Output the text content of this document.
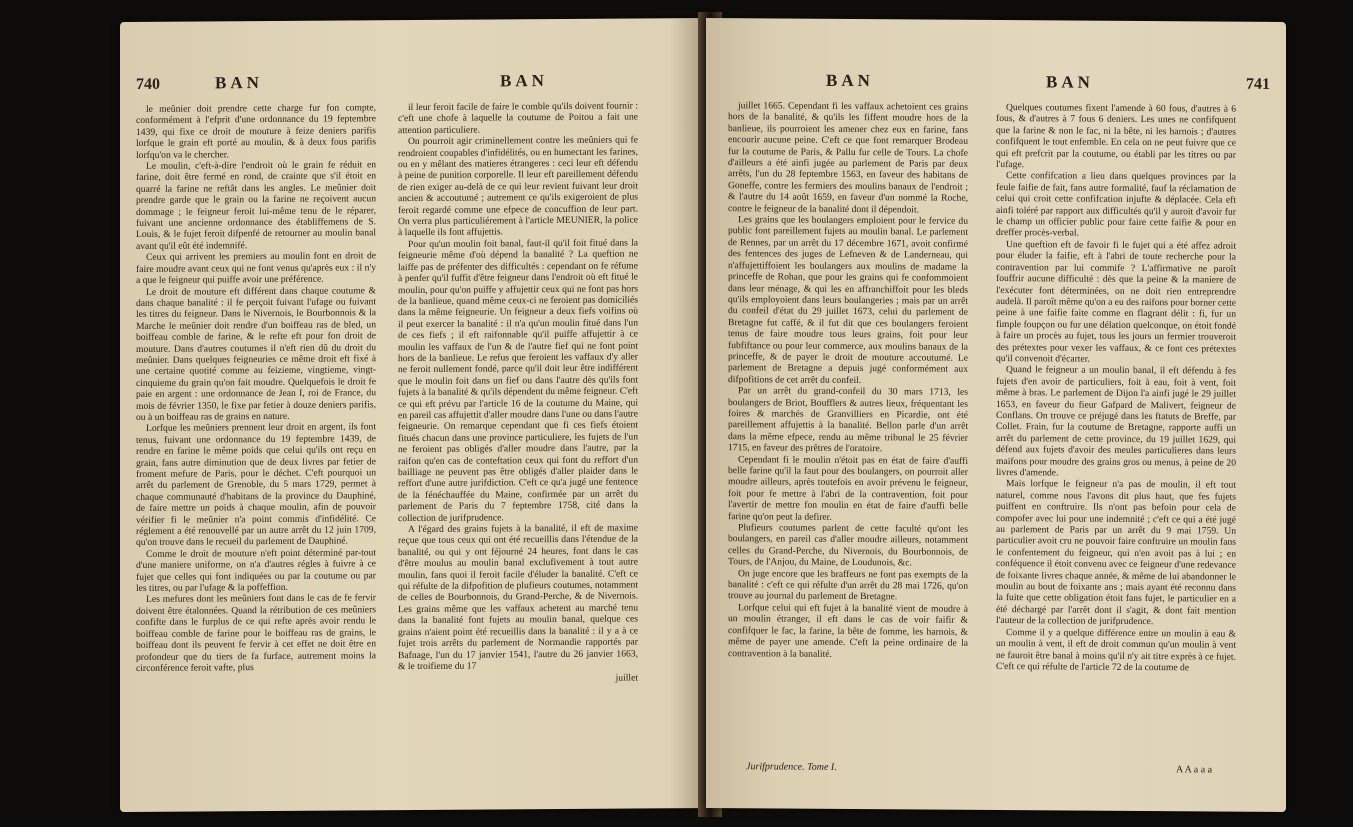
740	BAN	BAN

le meûnier doit prendre cette charge fur fon compte, conformément à l'efprit d'une ordonnance du 19 feptembre 1439, qui fixe ce droit de mouture à feize deniers parifis lorfque le grain eft porté au moulin, & à deux fous parifis lorfqu'on va le chercher.

Le moulin, c'eft-à-dire l'endroit où le grain fe réduit en farine, doit être fermé en rond, de crainte que s'il étoit en quarré la farine ne reftât dans les angles. Le meûnier doit prendre garde que le grain ou la farine ne reçoivent aucun dommage ; le feigneur feroit lui-même tenu de le réparer, fuivant une ancienne ordonnance des établiffemens de S. Louis, & le fujet feroit difpenfé de retourner au moulin banal avant qu'il eût été indemnifé.

Ceux qui arrivent les premiers au moulin font en droit de faire moudre avant ceux qui ne font venus qu'après eux : il n'y a que le feigneur qui puiffe avoir une préférence.

Le droit de mouture eft différent dans chaque coutume & dans chaque banalité : il fe perçoit fuivant l'ufage ou fuivant les titres du feigneur. Dans le Nivernois, le Bourbonnois & la Marche le meûnier doit rendre d'un boiffeau ras de bled, un boiffeau comble de farine, & le refte eft pour fon droit de mouture. Dans d'autres coutumes il n'eft rien dû du droit du meûnier. Dans quelques feigneuries ce même droit eft fixé à une certaine quotité comme au feizieme, vingtieme, vingt-cinquieme du grain qu'on fait moudre. Quelquefois le droit fe paie en argent : une ordonnance de Jean I, roi de France, du mois de février 1350, le fixe par fetier à douze deniers parifis, ou à un boiffeau ras de grains en nature.

Lorfque les meûniers prennent leur droit en argent, ils font tenus, fuivant une ordonnance du 19 feptembre 1439, de rendre en farine le même poids que celui qu'ils ont reçu en grain, fans autre diminution que de deux livres par fetier de froment mefure de Paris, pour le déchet. C'eft pourquoi un arrêt du parlement de Grenoble, du 5 mars 1729, permet à chaque communauté d'habitans de la province du Dauphiné, de faire mettre un poids à chaque moulin, afin de pouvoir vérifier fi le meûnier n'a point commis d'infidélité. Ce réglement a été renouvellé par un autre arrêt du 12 juin 1709, qu'on trouve dans le recueil du parlement de Dauphiné.

Comme le droit de mouture n'eft point déterminé par-tout d'une maniere uniforme, on n'a d'autres régles à fuivre à ce fujet que celles qui font indiquées ou par la coutume ou par les titres, ou par l'ufage & la poffeffion.

Les mefures dont les meûniers font dans le cas de fe fervir doivent être étalonnées. Quand la rétribution de ces meûniers confifte dans le furplus de ce qui refte après avoir rendu le boiffeau comble de farine pour le boiffeau ras de grains, le boiffeau dont ils peuvent fe fervir à cet effet ne doit être en profondeur que du tiers de fa furface, autrement moins la circonférence feroit vafte, plus

il leur feroit facile de faire le comble qu'ils doivent fournir : c'eft une chofe à laquelle la coutume de Poitou a fait une attention particuliere.

On pourroit agir criminellement contre les meûniers qui fe rendroient coupables d'infidélités, ou en humectant les farines, ou en y mêlant des matieres étrangeres : ceci leur eft défendu à peine de punition corporelle. Il leur eft pareillement défendu de rien exiger au-delà de ce qui leur revient fuivant leur droit ancien & accoutumé ; autrement ce qu'ils exigeroient de plus feroit regardé comme une efpece de concuffion de leur part. On verra plus particuliérement à l'article MEUNIER, la police à laquelle ils font affujettis.

Pour qu'un moulin foit banal, faut-il qu'il foit fitué dans la feigneurie même d'où dépend la banalité ? La queftion ne laiffe pas de préfenter des difficultés : cependant on fe réfume à penfer qu'il fuffit d'être feigneur dans l'endroit où eft fitué le moulin, pour qu'on puiffe y affujettir ceux qui ne font pas hors de la banlieue, quand même ceux-ci ne feroient pas domiciliés dans la même feigneurie. Un feigneur a deux fiefs voifins où il peut exercer la banalité : il n'a qu'un moulin fitué dans l'un de ces fiefs ; il eft raifonnable qu'il puiffe affujettir à ce moulin les vaffaux de l'un & de l'autre fief qui ne font point hors de la banlieue. Le refus que feroient les vaffaux d'y aller ne feroit nullement fondé, parce qu'il doit leur être indifférent que le moulin foit dans un fief ou dans l'autre dès qu'ils font fujets à la banalité & qu'ils dépendent du même feigneur. C'eft ce qui eft prévu par l'article 16 de la coutume du Maine, qui en pareil cas affujettit d'aller moudre dans l'une ou dans l'autre feigneurie. On remarque cependant que fi ces fiefs étoient fitués chacun dans une province particuliere, les fujets de l'un ne feroient pas obligés d'aller moudre dans l'autre, par la raifon qu'en cas de conteftation ceux qui font du reffort d'un bailliage ne peuvent pas être obligés d'aller plaider dans le reffort d'une autre jurifdiction. C'eft ce qu'a jugé une fentence de la fénéchauffée du Maine, confirmée par un arrêt du parlement de Paris du 7 feptembre 1758, cité dans la collection de jurifprudence.

A l'égard des grains fujets à la banalité, il eft de maxime reçue que tous ceux qui ont été recueillis dans l'étendue de la banalité, ou qui y ont féjourné 24 heures, font dans le cas d'être moulus au moulin banal exclufivement à tout autre moulin, fans quoi il feroit facile d'éluder la banalité. C'eft ce qui réfulte de la difpofition de plufieurs coutumes, notamment de celles de Bourbonnois, du Grand-Perche, & de Nivernois. Les grains même que les vaffaux achetent au marché tenu dans la banalité font fujets au moulin banal, quelque ces grains n'aient point été recueillis dans la banalité : il y a à ce fujet trois arrêts du parlement de Normandie rapportés par Bafnage, l'un du 17 janvier 1541, l'autre du 26 janvier 1663, & le troifieme du 17

juillet

BAN	BAN	741

juillet 1665. Cependant fi les vaffaux achetoient ces grains hors de la banalité, & qu'ils les fiffent moudre hors de la banlieue, ils pourroient les amener chez eux en farine, fans encourir aucune peine. C'eft ce que font remarquer Brodeau fur la coutume de Paris, & Pallu fur celle de Tours. La chofe d'ailleurs a été ainfi jugée au parlement de Paris par deux arrêts, l'un du 28 feptembre 1563, en faveur des habitans de Goneffe, contre les fermiers des moulins banaux de l'endroit ; & l'autre du 14 août 1659, en faveur d'un nommé la Roche, contre le feigneur de la banalité dont il dépendoit.

Les grains que les boulangers emploient pour le fervice du public font pareillement fujets au moulin banal. Le parlement de Rennes, par un arrêt du 17 décembre 1671, avoit confirmé des fentences des juges de Lefneven & de Landerneau, qui n'affujettiffoient les boulangers aux moulins de madame la princeffe de Rohan, que pour les grains qui fe confommoient dans leur ménage, & qui les en affranchiffoit pour les bleds qu'ils employoient dans leurs boulangeries ; mais par un arrêt du confeil d'état du 29 juillet 1673, celui du parlement de Bretagne fut caffé, & il fut dit que ces boulangers feroient tenus de faire moudre tous leurs grains, foit pour leur fubfiftance ou pour leur commerce, aux moulins banaux de la princeffe, & de payer le droit de mouture accoutumé. Le parlement de Bretagne a depuis jugé conformément aux difpofitions de cet arrêt du confeil.

Par un arrêt du grand-confeil du 30 mars 1713, les boulangers de Briot, Boufflers & autres lieux, fréquentant les foires & marchés de Granvilliers en Picardie, ont été pareillement affujettis à la banalité. Bellon parle d'un arrêt dans la même efpece, rendu au même tribunal le 25 février 1715, en faveur des prêtres de l'oratoire.

Cependant fi le moulin n'étoit pas en état de faire d'auffi belle farine qu'il la faut pour des boulangers, on pourroit aller moudre ailleurs, après toutefois en avoir prévenu le feigneur, foit pour fe mettre à l'abri de la contravention, foit pour l'avertir de mettre fon moulin en état de faire d'auffi belle farine qu'on peut la defirer.

Plufieurs coutumes parlent de cette faculté qu'ont les boulangers, en pareil cas d'aller moudre ailleurs, notamment celles du Grand-Perche, du Nivernois, du Bourbonnois, de Tours, de l'Anjou, du Maine, de Loudunois, &c.

On juge encore que les braffeurs ne font pas exempts de la banalité : c'eft ce qui réfulte d'un arrêt du 28 mai 1726, qu'on trouve au journal du parlement de Bretagne.

Lorfque celui qui eft fujet à la banalité vient de moudre à un moulin étranger, il eft dans le cas de voir faifir & confifquer le fac, la farine, la bête de fomme, les harnois, & même de payer une amende. C'eft la peine ordinaire de la contravention à la banalité.

Quelques coutumes fixent l'amende à 60 fous, d'autres à 6 fous, & d'autres à 7 fous 6 deniers. Les unes ne confifquent que la farine & non le fac, ni la bête, ni les harnois ; d'autres confifquent le tout enfemble. En cela on ne peut fuivre que ce qui eft prefcrit par la coutume, ou établi par les titres ou par l'ufage.

Cette confifcation a lieu dans quelques provinces par la feule faifie de fait, fans autre formalité, fauf la réclamation de celui qui croit cette confifcation injufte & déplacée. Cela eft ainfi toléré par rapport aux difficultés qu'il y auroit d'avoir fur le champ un officier public pour faire cette faifie & pour en dreffer procès-verbal.

Une queftion eft de favoir fi le fujet qui a été affez adroit pour éluder la faifie, eft à l'abri de toute recherche pour la contravention par lui commife ? L'affirmative ne paroît fouffrir aucune difficulté : dès que la peine & la maniere de l'exécuter font déterminées, on ne doit rien entreprendre audelà. Il paroît même qu'on a eu des raifons pour borner cette peine à une faifie faite comme en flagrant délit : fi, fur un fimple foupçon ou fur une délation quelconque, on étoit fondé à faire un procès au fujet, tous les jours un fermier trouveroit des prétextes pour vexer les vaffaux, & ce font ces prétextes qu'il convenoit d'écarter.

Quand le feigneur a un moulin banal, il eft défendu à fes fujets d'en avoir de particuliers, foit à eau, foit à vent, foit même à bras. Le parlement de Dijon l'a ainfi jugé le 29 juillet 1653, en faveur du fieur Gafpard de Malivert, feigneur de Conflans. On trouve ce préjugé dans les ftatuts de Breffe, par Collet. Frain, fur la coutume de Bretagne, rapporte auffi un arrêt du parlement de cette province, du 19 juillet 1629, qui défend aux fujets d'avoir des meules particulieres dans leurs maifons pour moudre des grains gros ou menus, à peine de 20 livres d'amende.

Mais lorfque le feigneur n'a pas de moulin, il eft tout naturel, comme nous l'avons dit plus haut, que fes fujets puiffent en conftruire. Ils n'ont pas befoin pour cela de compofer avec lui pour une indemnité ; c'eft ce qui a été jugé au parlement de Paris par un arrêt du 9 mai 1759. Un particulier avoit cru ne pouvoir faire conftruire un moulin fans le confentement du feigneur, qui n'en avoit pas à lui ; en conféquence il étoit convenu avec ce feigneur d'une redevance de foixante livres chaque année, & même de lui abandonner le moulin au bout de foixante ans ; mais ayant été reconnu dans la fuite que cette obligation étoit fans fujet, le particulier en a été déchargé par l'arrêt dont il s'agit, & dont fait mention l'auteur de la collection de jurifprudence.

Comme il y a quelque différence entre un moulin à eau & un moulin à vent, il eft de droit commun qu'un moulin à vent ne fauroit être banal à moins qu'il n'y ait titre exprès à ce fujet. C'eft ce qui réfulte de l'article 72 de la coutume de

Jurifprudence. Tome I.	A A a a a
